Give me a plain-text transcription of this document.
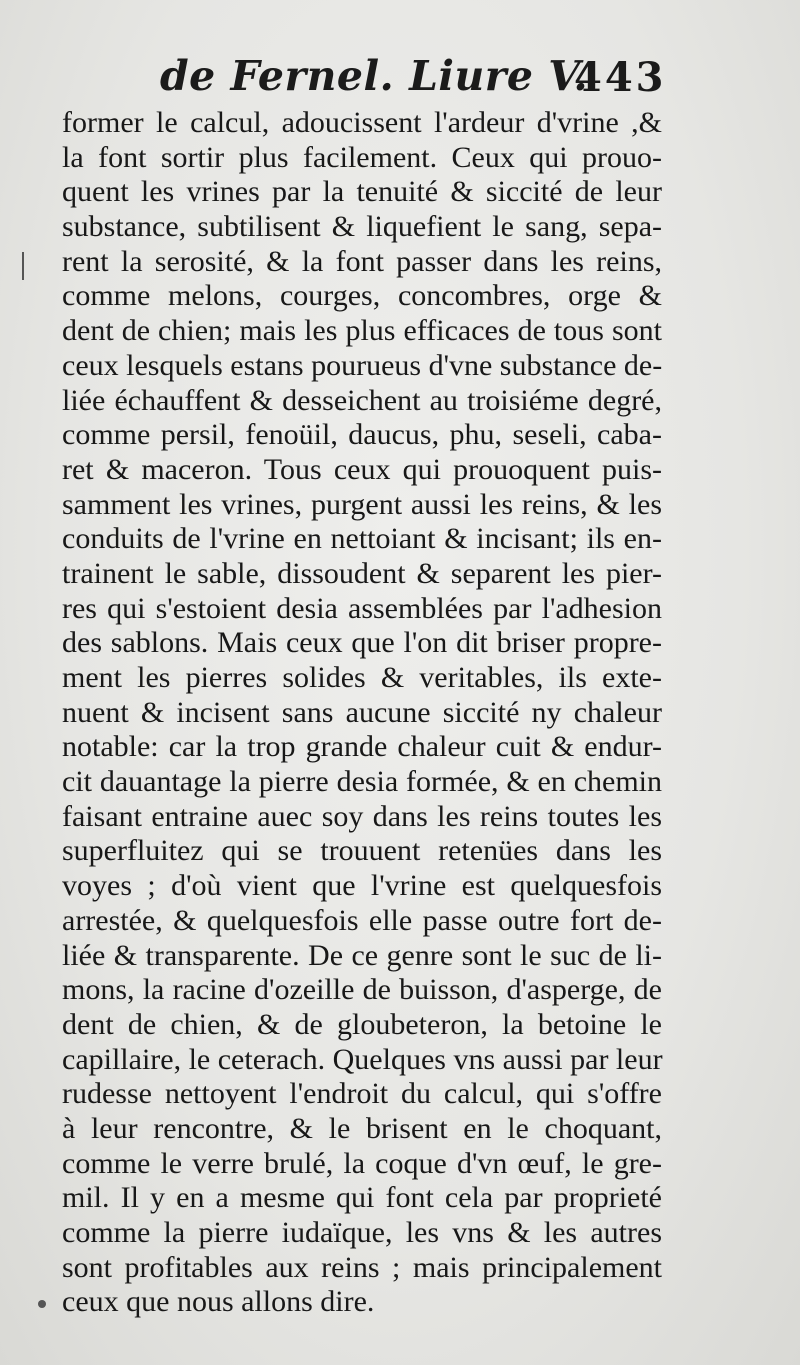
de Fernel. Liure V.
443
former le calcul, adoucissent l'ardeur d'vrine ,&
la font sortir plus facilement. Ceux qui prouo-
quent les vrines par la tenuité & siccité de leur
substance, subtilisent & liquefient le sang, sepa-
rent la serosité, & la font passer dans les reins,
comme melons, courges, concombres, orge &
dent de chien; mais les plus efficaces de tous sont
ceux lesquels estans pourueus d'vne substance de-
liée échauffent & desseichent au troisiéme degré,
comme persil, fenoüil, daucus, phu, seseli, caba-
ret & maceron. Tous ceux qui prouoquent puis-
samment les vrines, purgent aussi les reins, & les
conduits de l'vrine en nettoiant & incisant; ils en-
trainent le sable, dissoudent & separent les pier-
res qui s'estoient desia assemblées par l'adhesion
des sablons. Mais ceux que l'on dit briser propre-
ment les pierres solides & veritables, ils exte-
nuent & incisent sans aucune siccité ny chaleur
notable: car la trop grande chaleur cuit & endur-
cit dauantage la pierre desia formée, & en chemin
faisant entraine auec soy dans les reins toutes les
superfluitez qui se trouuent retenües dans les
voyes ; d'où vient que l'vrine est quelquesfois
arrestée, & quelquesfois elle passe outre fort de-
liée & transparente. De ce genre sont le suc de li-
mons, la racine d'ozeille de buisson, d'asperge, de
dent de chien, & de gloubeteron, la betoine le
capillaire, le ceterach. Quelques vns aussi par leur
rudesse nettoyent l'endroit du calcul, qui s'offre
à leur rencontre, & le brisent en le choquant,
comme le verre brulé, la coque d'vn œuf, le gre-
mil. Il y en a mesme qui font cela par proprieté
comme la pierre iudaïque, les vns & les autres
sont profitables aux reins ; mais principalement
ceux que nous allons dire.
